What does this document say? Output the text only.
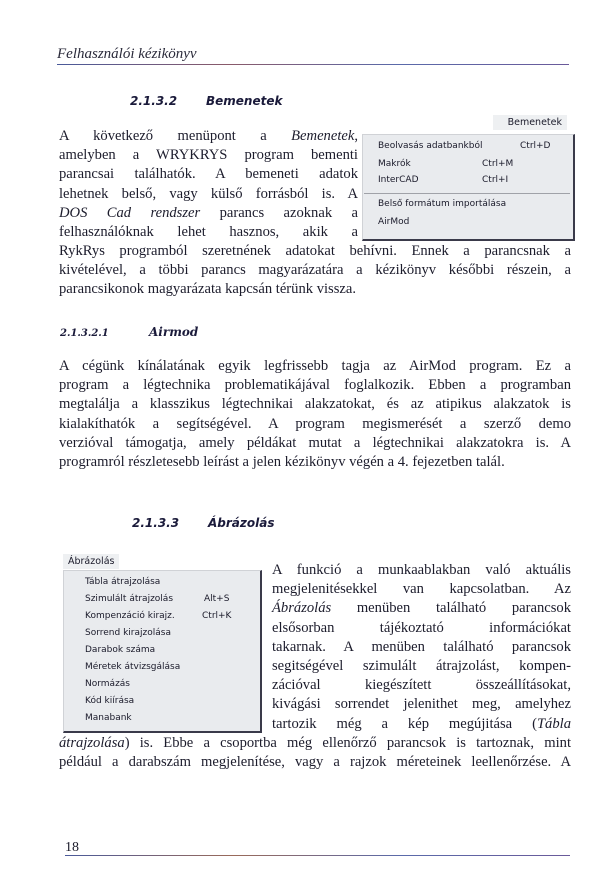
Felhasználói kézikönyv
2.1.3.2 Bemenetek
A következő menüpont a Bemenetek,
amelyben a WRYKRYS program bementi
parancsai találhatók. A bemeneti adatok
lehetnek belső, vagy külső forrásból is. A
DOS Cad rendszer parancs azoknak a
felhasználóknak lehet hasznos, akik a
RykRys programból szeretnének adatokat behívni. Ennek a parancsnak a
kivételével, a többi parancs magyarázatára a kézikönyv későbbi részein, a
parancsikonok magyarázata kapcsán térünk vissza.
Bemenetek
Beolvasás adatbankból	Ctrl+D
Makrók	Ctrl+M
InterCAD	Ctrl+I
Belső formátum importálása
AirMod
2.1.3.2.1	Airmod
A cégünk kínálatának egyik legfrissebb tagja az AirMod program. Ez a
program a légtechnika problematikájával foglalkozik. Ebben a programban
megtalálja a klasszikus légtechnikai alakzatokat, és az atipikus alakzatok is
kialakíthatók a segítségével. A program megismerését a szerző demo
verzióval támogatja, amely példákat mutat a légtechnikai alakzatokra is. A
programról részletesebb leírást a jelen kézikönyv végén a 4. fejezetben talál.
2.1.3.3 Ábrázolás
Ábrázolás
Tábla átrajzolása
Szimulált átrajzolás	Alt+S
Kompenzáció kirajz.	Ctrl+K
Sorrend kirajzolása
Darabok száma
Méretek átvizsgálása
Normázás
Kód kiírása
Manabank
A funkció a munkaablakban való aktuális
megjelenitésekkel van kapcsolatban. Az
Ábrázolás menüben található parancsok
elsősorban tájékoztató információkat
takarnak. A menüben található parancsok
segitségével szimulált átrajzolást, kompen-
zációval kiegészített összeállításokat,
kivágási sorrendet jelenithet meg, amelyhez
tartozik még a kép megújitása (Tábla
átrajzolása) is. Ebbe a csoportba még ellenőrző parancsok is tartoznak, mint
például a darabszám megjelenítése, vagy a rajzok méreteinek leellenőrzése. A
18
